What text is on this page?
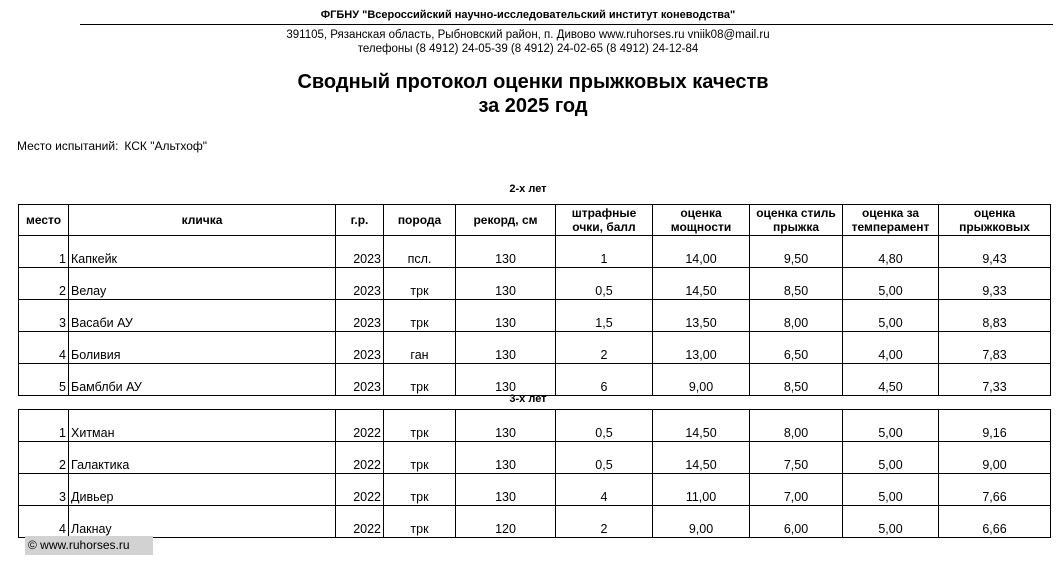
ФГБНУ "Всероссийский научно-исследовательский институт коневодства"
391105, Рязанская область, Рыбновский район, п. Дивово www.ruhorses.ru vniik08@mail.ru
телефоны (8 4912) 24-05-39 (8 4912) 24-02-65 (8 4912) 24-12-84
Сводный протокол оценки прыжковых качеств
за 2025 год
Место испытаний: КСК "Альтхоф"
2-х лет
место	кличка	г.р.	порода	рекорд, см	штрафные очки, балл	оценка мощности	оценка стиль прыжка	оценка за темперамент	оценка прыжковых
1	Капкейк	2023	псл.	130	1	14,00	9,50	4,80	9,43
2	Велау	2023	трк	130	0,5	14,50	8,50	5,00	9,33
3	Васаби АУ	2023	трк	130	1,5	13,50	8,00	5,00	8,83
4	Боливия	2023	ган	130	2	13,00	6,50	4,00	7,83
5	Бамблби АУ	2023	трк	130	6	9,00	8,50	4,50	7,33
3-х лет
1	Хитман	2022	трк	130	0,5	14,50	8,00	5,00	9,16
2	Галактика	2022	трк	130	0,5	14,50	7,50	5,00	9,00
3	Дивьер	2022	трк	130	4	11,00	7,00	5,00	7,66
4	Лакнау	2022	трк	120	2	9,00	6,00	5,00	6,66
© www.ruhorses.ru
